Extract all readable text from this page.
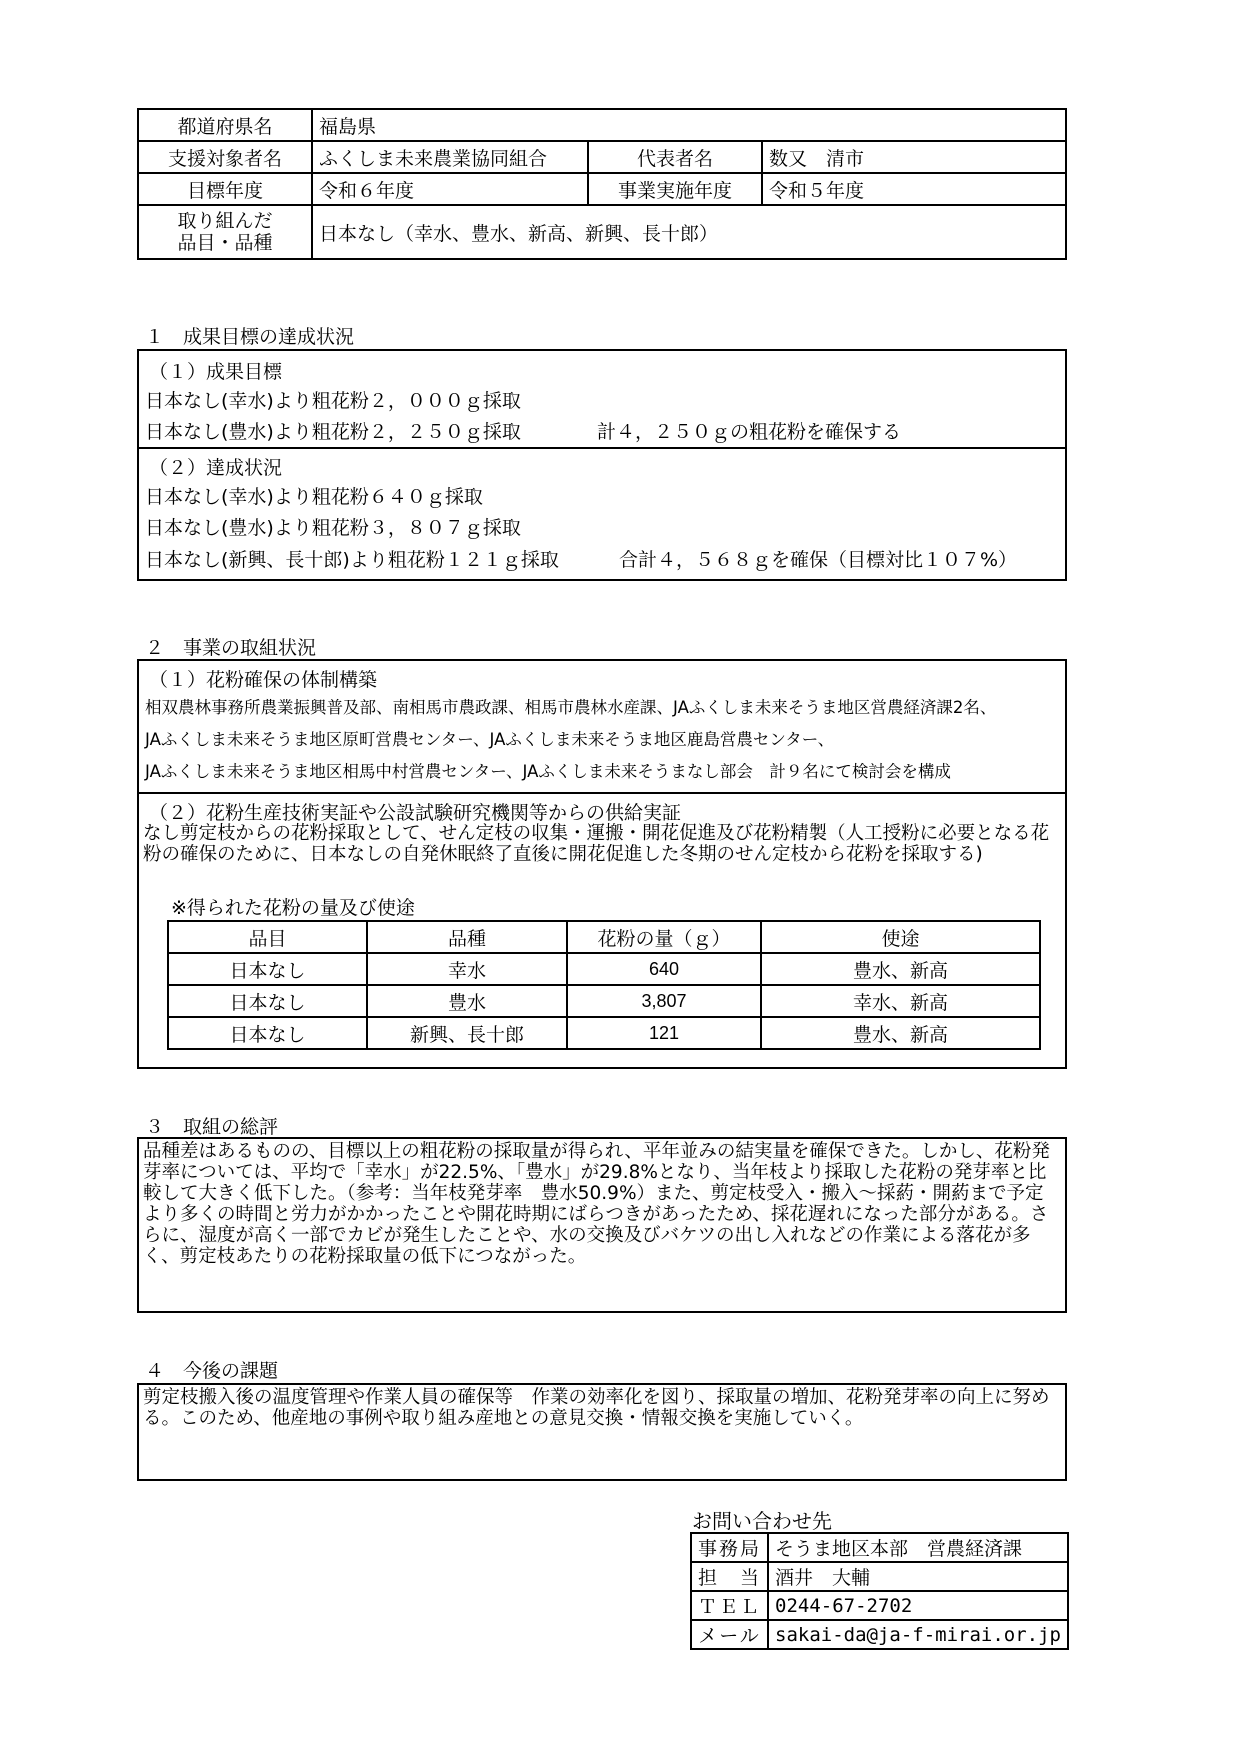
都道府県名	福島県		
支援対象者名	ふくしま未来農業協同組合	代表者名	数又　清市
目標年度	令和６年度	事業実施年度	令和５年度

取り組んだ
品目・品種	日本なし（幸水、豊水、新高、新興、長十郎）		
１　成果目標の達成状況
（１）成果目標
日本なし(幸水)より粗花粉２，０００ｇ採取
日本なし(豊水)より粗花粉２，２５０ｇ採取	計４，２５０ｇの粗花粉を確保する
（２）達成状況
日本なし(幸水)より粗花粉６４０ｇ採取
日本なし(豊水)より粗花粉３，８０７ｇ採取
日本なし(新興、長十郎)より粗花粉１２１ｇ採取	合計４，５６８ｇを確保（目標対比１０７%）
２　事業の取組状況
（１）花粉確保の体制構築
相双農林事務所農業振興普及部、南相馬市農政課、相馬市農林水産課、JAふくしま未来そうま地区営農経済課2名、
JAふくしま未来そうま地区原町営農センター、JAふくしま未来そうま地区鹿島営農センター、
JAふくしま未来そうま地区相馬中村営農センター、JAふくしま未来そうまなし部会　計９名にて検討会を構成
（２）花粉生産技術実証や公設試験研究機関等からの供給実証
なし剪定枝からの花粉採取として、せん定枝の収集・運搬・開花促進及び花粉精製（人工授粉に必要となる花粉の確保のために、日本なしの自発休眠終了直後に開花促進した冬期のせん定枝から花粉を採取する)
※得られた花粉の量及び使途
品目	品種	花粉の量（ｇ）	使途
日本なし	幸水	640	豊水、新高
日本なし	豊水	3,807	幸水、新高
日本なし	新興、長十郎	121	豊水、新高
３　取組の総評
品種差はあるものの、目標以上の粗花粉の採取量が得られ、平年並みの結実量を確保できた。しかし、花粉発芽率については、平均で「幸水」が22.5%、「豊水」が29.8%となり、当年枝より採取した花粉の発芽率と比較して大きく低下した。（参考：当年枝発芽率　豊水50.9%）また、剪定枝受入・搬入～採葯・開葯まで予定より多くの時間と労力がかかったことや開花時期にばらつきがあったため、採花遅れになった部分がある。さらに、湿度が高く一部でカビが発生したことや、水の交換及びバケツの出し入れなどの作業による落花が多く、剪定枝あたりの花粉採取量の低下につながった。
４　今後の課題
剪定枝搬入後の温度管理や作業人員の確保等　作業の効率化を図り、採取量の増加、花粉発芽率の向上に努める。このため、他産地の事例や取り組み産地との意見交換・情報交換を実施していく。
お問い合わせ先
事務局	そうま地区本部　営農経済課
担　当	酒井　大輔
ＴＥＬ	0244-67-2702
メール	sakai-da@ja-f-mirai.or.jp
